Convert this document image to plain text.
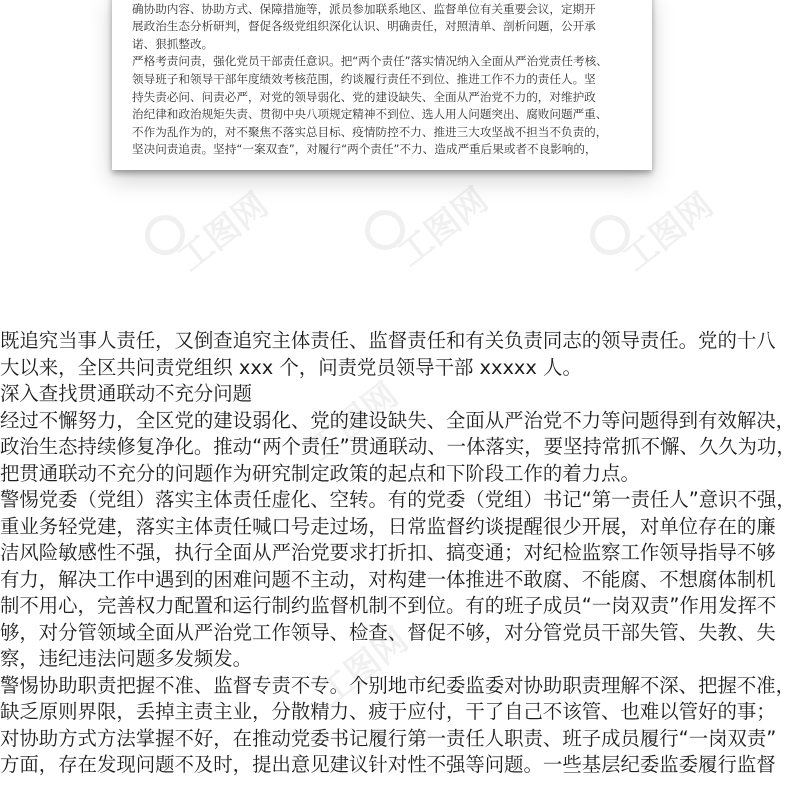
确协助内容、协助方式、保障措施等，派员参加联系地区、监督单位有关重要会议，定期开

展政治生态分析研判，督促各级党组织深化认识、明确责任，对照清单、剖析问题，公开承

诺、狠抓整改。

严格考责问责，强化党员干部责任意识。把“两个责任”落实情况纳入全面从严治党责任考核、

领导班子和领导干部年度绩效考核范围，约谈履行责任不到位、推进工作不力的责任人。坚

持失责必问、问责必严，对党的领导弱化、党的建设缺失、全面从严治党不力的，对维护政

治纪律和政治规矩失责、贯彻中央八项规定精神不到位、选人用人问题突出、腐败问题严重、

不作为乱作为的，对不聚焦不落实总目标、疫情防控不力、推进三大攻坚战不担当不负责的，

坚决问责追责。坚持“一案双查”，对履行“两个责任”不力、造成严重后果或者不良影响的，

工图网	工图网	工图网
工图网
工图网

既追究当事人责任，又倒查追究主体责任、监督责任和有关负责同志的领导责任。党的十八

大以来，全区共问责党组织 xxx 个，问责党员领导干部 xxxxx 人。

深入查找贯通联动不充分问题

经过不懈努力，全区党的建设弱化、党的建设缺失、全面从严治党不力等问题得到有效解决，

政治生态持续修复净化。推动“两个责任”贯通联动、一体落实，要坚持常抓不懈、久久为功，

把贯通联动不充分的问题作为研究制定政策的起点和下阶段工作的着力点。

警惕党委（党组）落实主体责任虚化、空转。有的党委（党组）书记“第一责任人”意识不强，

重业务轻党建，落实主体责任喊口号走过场，日常监督约谈提醒很少开展，对单位存在的廉

洁风险敏感性不强，执行全面从严治党要求打折扣、搞变通；对纪检监察工作领导指导不够

有力，解决工作中遇到的困难问题不主动，对构建一体推进不敢腐、不能腐、不想腐体制机

制不用心，完善权力配置和运行制约监督机制不到位。有的班子成员“一岗双责”作用发挥不

够，对分管领域全面从严治党工作领导、检查、督促不够，对分管党员干部失管、失教、失

察，违纪违法问题多发频发。

警惕协助职责把握不准、监督专责不专。个别地市纪委监委对协助职责理解不深、把握不准，

缺乏原则界限，丢掉主责主业，分散精力、疲于应付，干了自己不该管、也难以管好的事；

对协助方式方法掌握不好，在推动党委书记履行第一责任人职责、班子成员履行“一岗双责”

方面，存在发现问题不及时，提出意见建议针对性不强等问题。一些基层纪委监委履行监督
